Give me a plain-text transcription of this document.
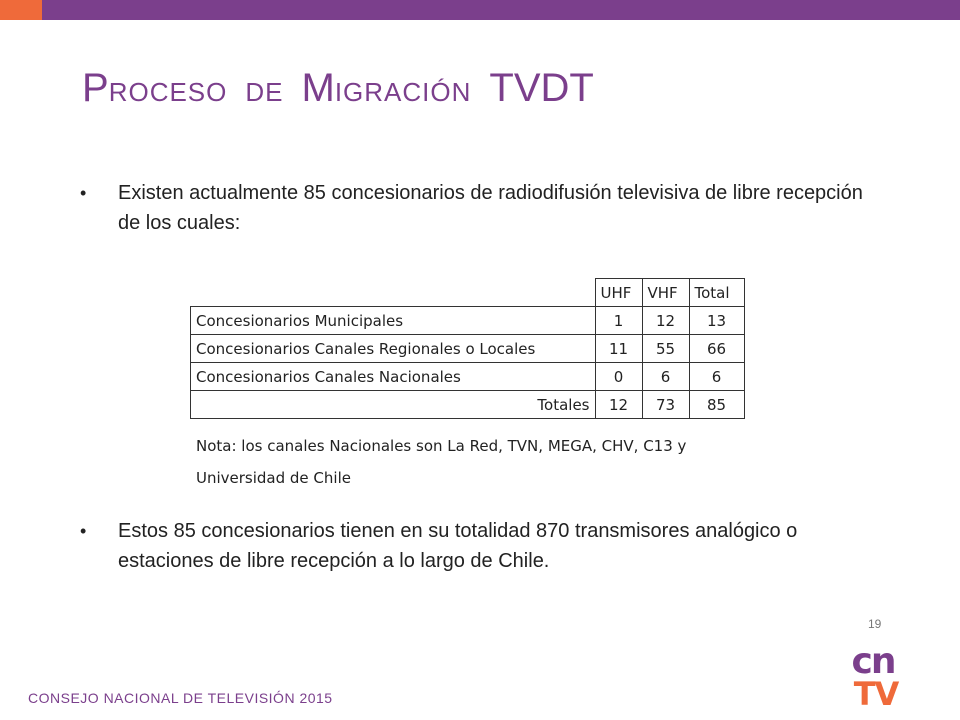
PROCESO DE MIGRACIÓN TVDT
•	Existen actualmente 85 concesionarios de radiodifusión televisiva de libre recepción de los cuales:
	UHF	VHF	Total
Concesionarios Municipales	1	12	13
Concesionarios Canales Regionales o Locales	11	55	66
Concesionarios Canales Nacionales	0	6	6
Totales	12	73	85
Nota: los canales Nacionales son La Red, TVN, MEGA, CHV, C13 y Universidad de Chile
•	Estos 85 concesionarios tienen en su totalidad 870 transmisores analógico o estaciones de libre recepción a lo largo de Chile.
19
CONSEJO NACIONAL DE TELEVISIÓN 2015
cn
TV
